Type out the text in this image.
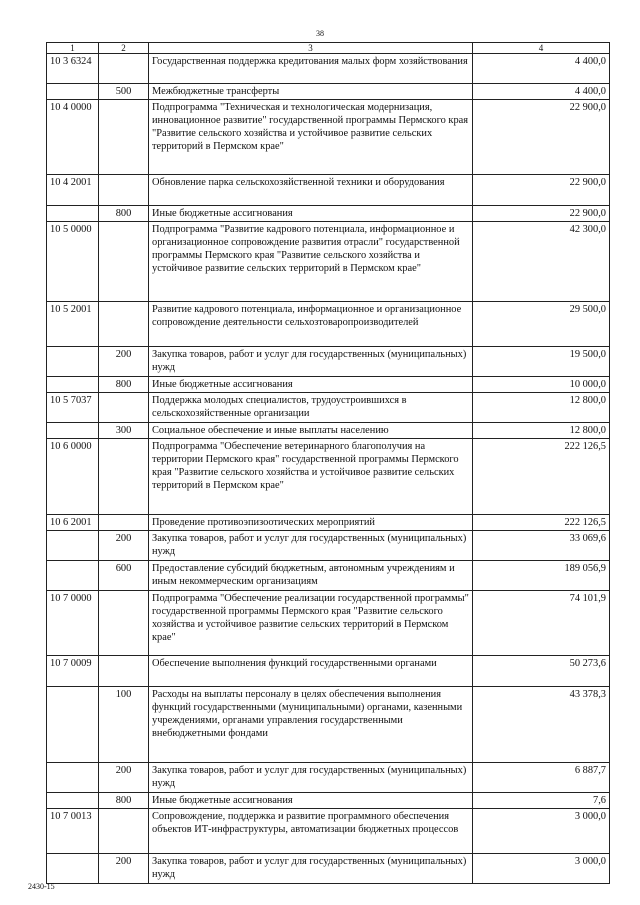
38
1	2	3	4
10 3 6324		Государственная поддержка кредитования малых форм хозяйствования	4 400,0
	500	Межбюджетные трансферты	4 400,0
10 4 0000		Подпрограмма "Техническая и технологическая модернизация, инновационное развитие" государственной программы Пермского края "Развитие сельского хозяйства и устойчивое развитие сельских территорий в Пермском крае"	22 900,0
10 4 2001		Обновление парка сельскохозяйственной техники и оборудования	22 900,0
	800	Иные бюджетные ассигнования	22 900,0
10 5 0000		Подпрограмма "Развитие кадрового потенциала, информационное и организационное сопровождение развития отрасли" государственной программы Пермского края "Развитие сельского хозяйства и устойчивое развитие сельских территорий в Пермском крае"	42 300,0
10 5 2001		Развитие кадрового потенциала, информационное и организационное сопровождение деятельности сельхозтоваропроизводителей	29 500,0
	200	Закупка товаров, работ и услуг для государственных (муниципальных) нужд	19 500,0
	800	Иные бюджетные ассигнования	10 000,0
10 5 7037		Поддержка молодых специалистов, трудоустроившихся в сельскохозяйственные организации	12 800,0
	300	Социальное обеспечение и иные выплаты населению	12 800,0
10 6 0000		Подпрограмма "Обеспечение ветеринарного благополучия на территории Пермского края" государственной программы Пермского края "Развитие сельского хозяйства и устойчивое развитие сельских территорий в Пермском крае"	222 126,5
10 6 2001		Проведение противоэпизоотических мероприятий	222 126,5
	200	Закупка товаров, работ и услуг для государственных (муниципальных) нужд	33 069,6
	600	Предоставление субсидий бюджетным, автономным учреждениям и иным некоммерческим организациям	189 056,9
10 7 0000		Подпрограмма "Обеспечение реализации государственной программы" государственной программы Пермского края "Развитие сельского хозяйства и устойчивое развитие сельских территорий в Пермском крае"	74 101,9
10 7 0009		Обеспечение выполнения функций государственными органами	50 273,6
	100	Расходы на выплаты персоналу в целях обеспечения выполнения функций государственными (муниципальными) органами, казенными учреждениями, органами управления государственными внебюджетными фондами	43 378,3
	200	Закупка товаров, работ и услуг для государственных (муниципальных) нужд	6 887,7
	800	Иные бюджетные ассигнования	7,6
10 7 0013		Сопровождение, поддержка и развитие программного обеспечения объектов ИТ-инфраструктуры, автоматизации бюджетных процессов	3 000,0
	200	Закупка товаров, работ и услуг для государственных (муниципальных) нужд	3 000,0
2430-15
